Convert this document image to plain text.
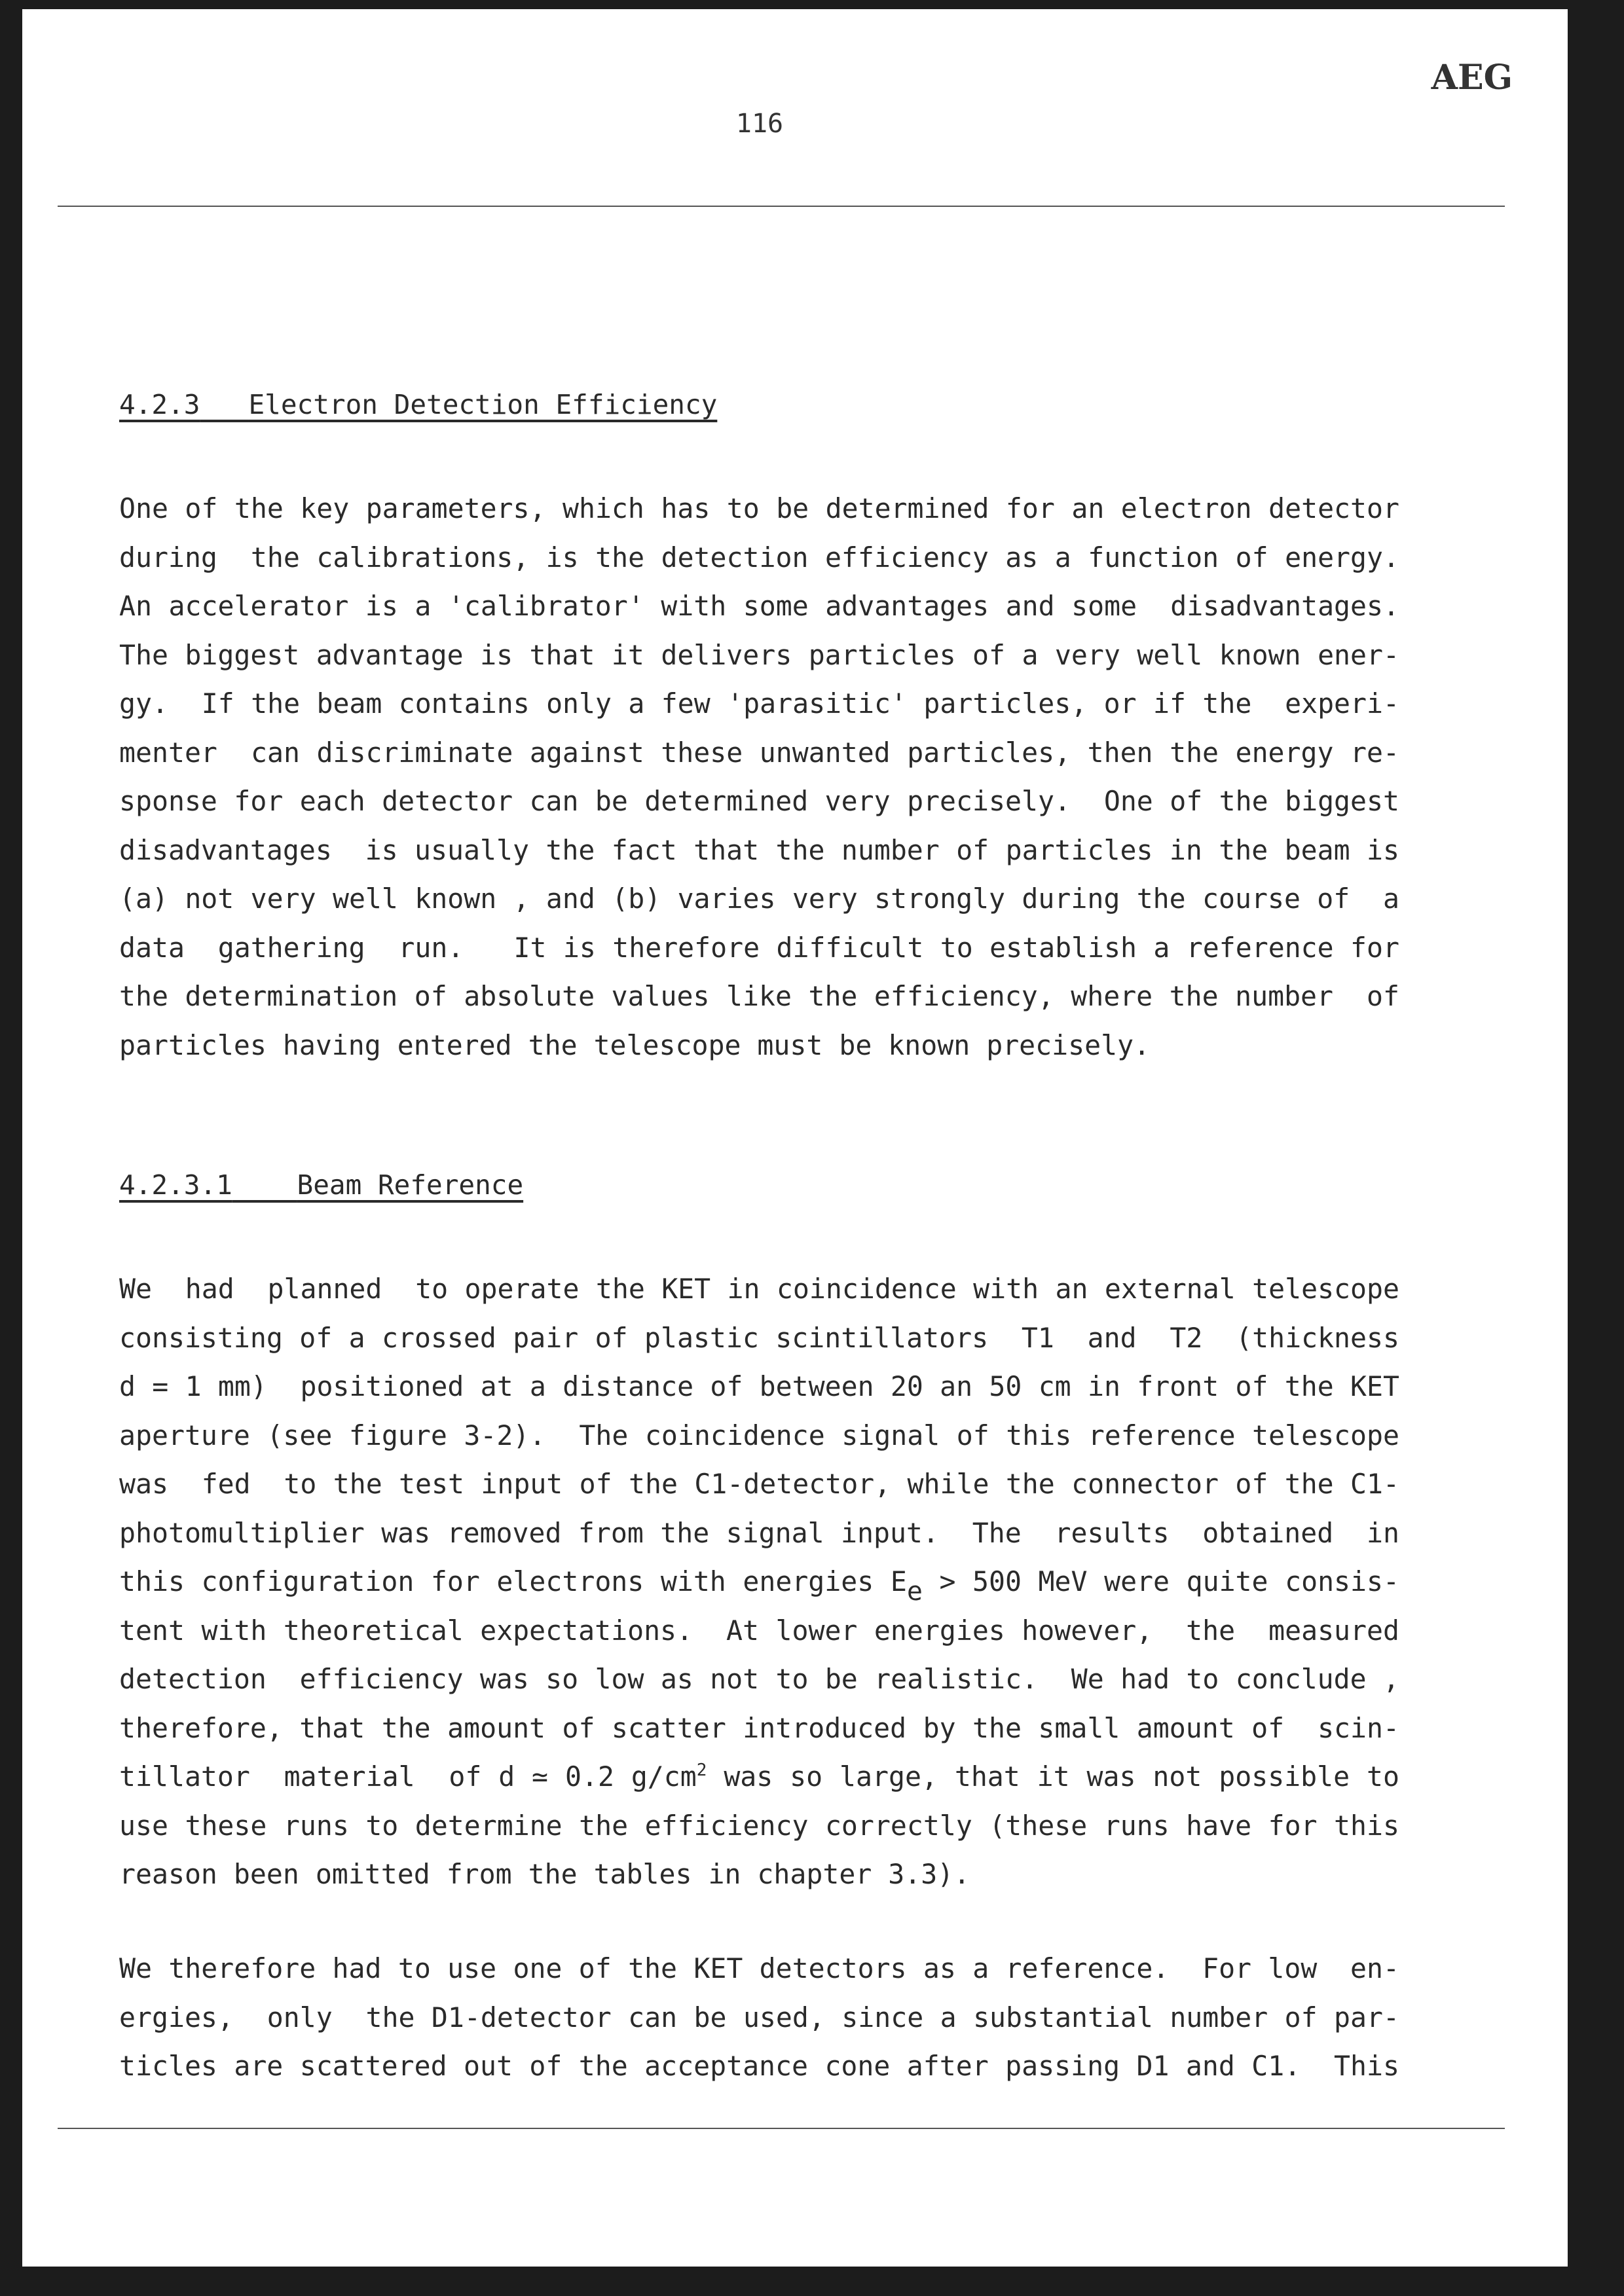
AEG
116
4.2.3 Electron Detection Efficiency
One of the key parameters, which has to be determined for an electron detector
during  the calibrations, is the detection efficiency as a function of energy.
An accelerator is a 'calibrator' with some advantages and some  disadvantages.
The biggest advantage is that it delivers particles of a very well known ener-
gy.  If the beam contains only a few 'parasitic' particles, or if the  experi-
menter  can discriminate against these unwanted particles, then the energy re-
sponse for each detector can be determined very precisely.  One of the biggest
disadvantages  is usually the fact that the number of particles in the beam is
(a) not very well known , and (b) varies very strongly during the course of  a
data  gathering  run.   It is therefore difficult to establish a reference for
the determination of absolute values like the efficiency, where the number  of
particles having entered the telescope must be known precisely.
4.2.3.1 Beam Reference
We  had  planned  to operate the KET in coincidence with an external telescope
consisting of a crossed pair of plastic scintillators  T1  and  T2  (thickness
d = 1 mm)  positioned at a distance of between 20 an 50 cm in front of the KET
aperture (see figure 3-2).  The coincidence signal of this reference telescope
was  fed  to the test input of the C1-detector, while the connector of the C1-
photomultiplier was removed from the signal input.  The  results  obtained  in
this configuration for electrons with energies $E_e > 500$ MeV were quite consis-
tent with theoretical expectations.  At lower energies however,  the  measured
detection  efficiency was so low as not to be realistic.  We had to conclude ,
therefore, that the amount of scatter introduced by the small amount of  scin-
tillator  material  of d ≃ 0.2 $g/cm^2$ was so large, that it was not possible to
use these runs to determine the efficiency correctly (these runs have for this
reason been omitted from the tables in chapter 3.3).
We therefore had to use one of the KET detectors as a reference.  For low  en-
ergies,  only  the D1-detector can be used, since a substantial number of par-
ticles are scattered out of the acceptance cone after passing D1 and C1.  This
